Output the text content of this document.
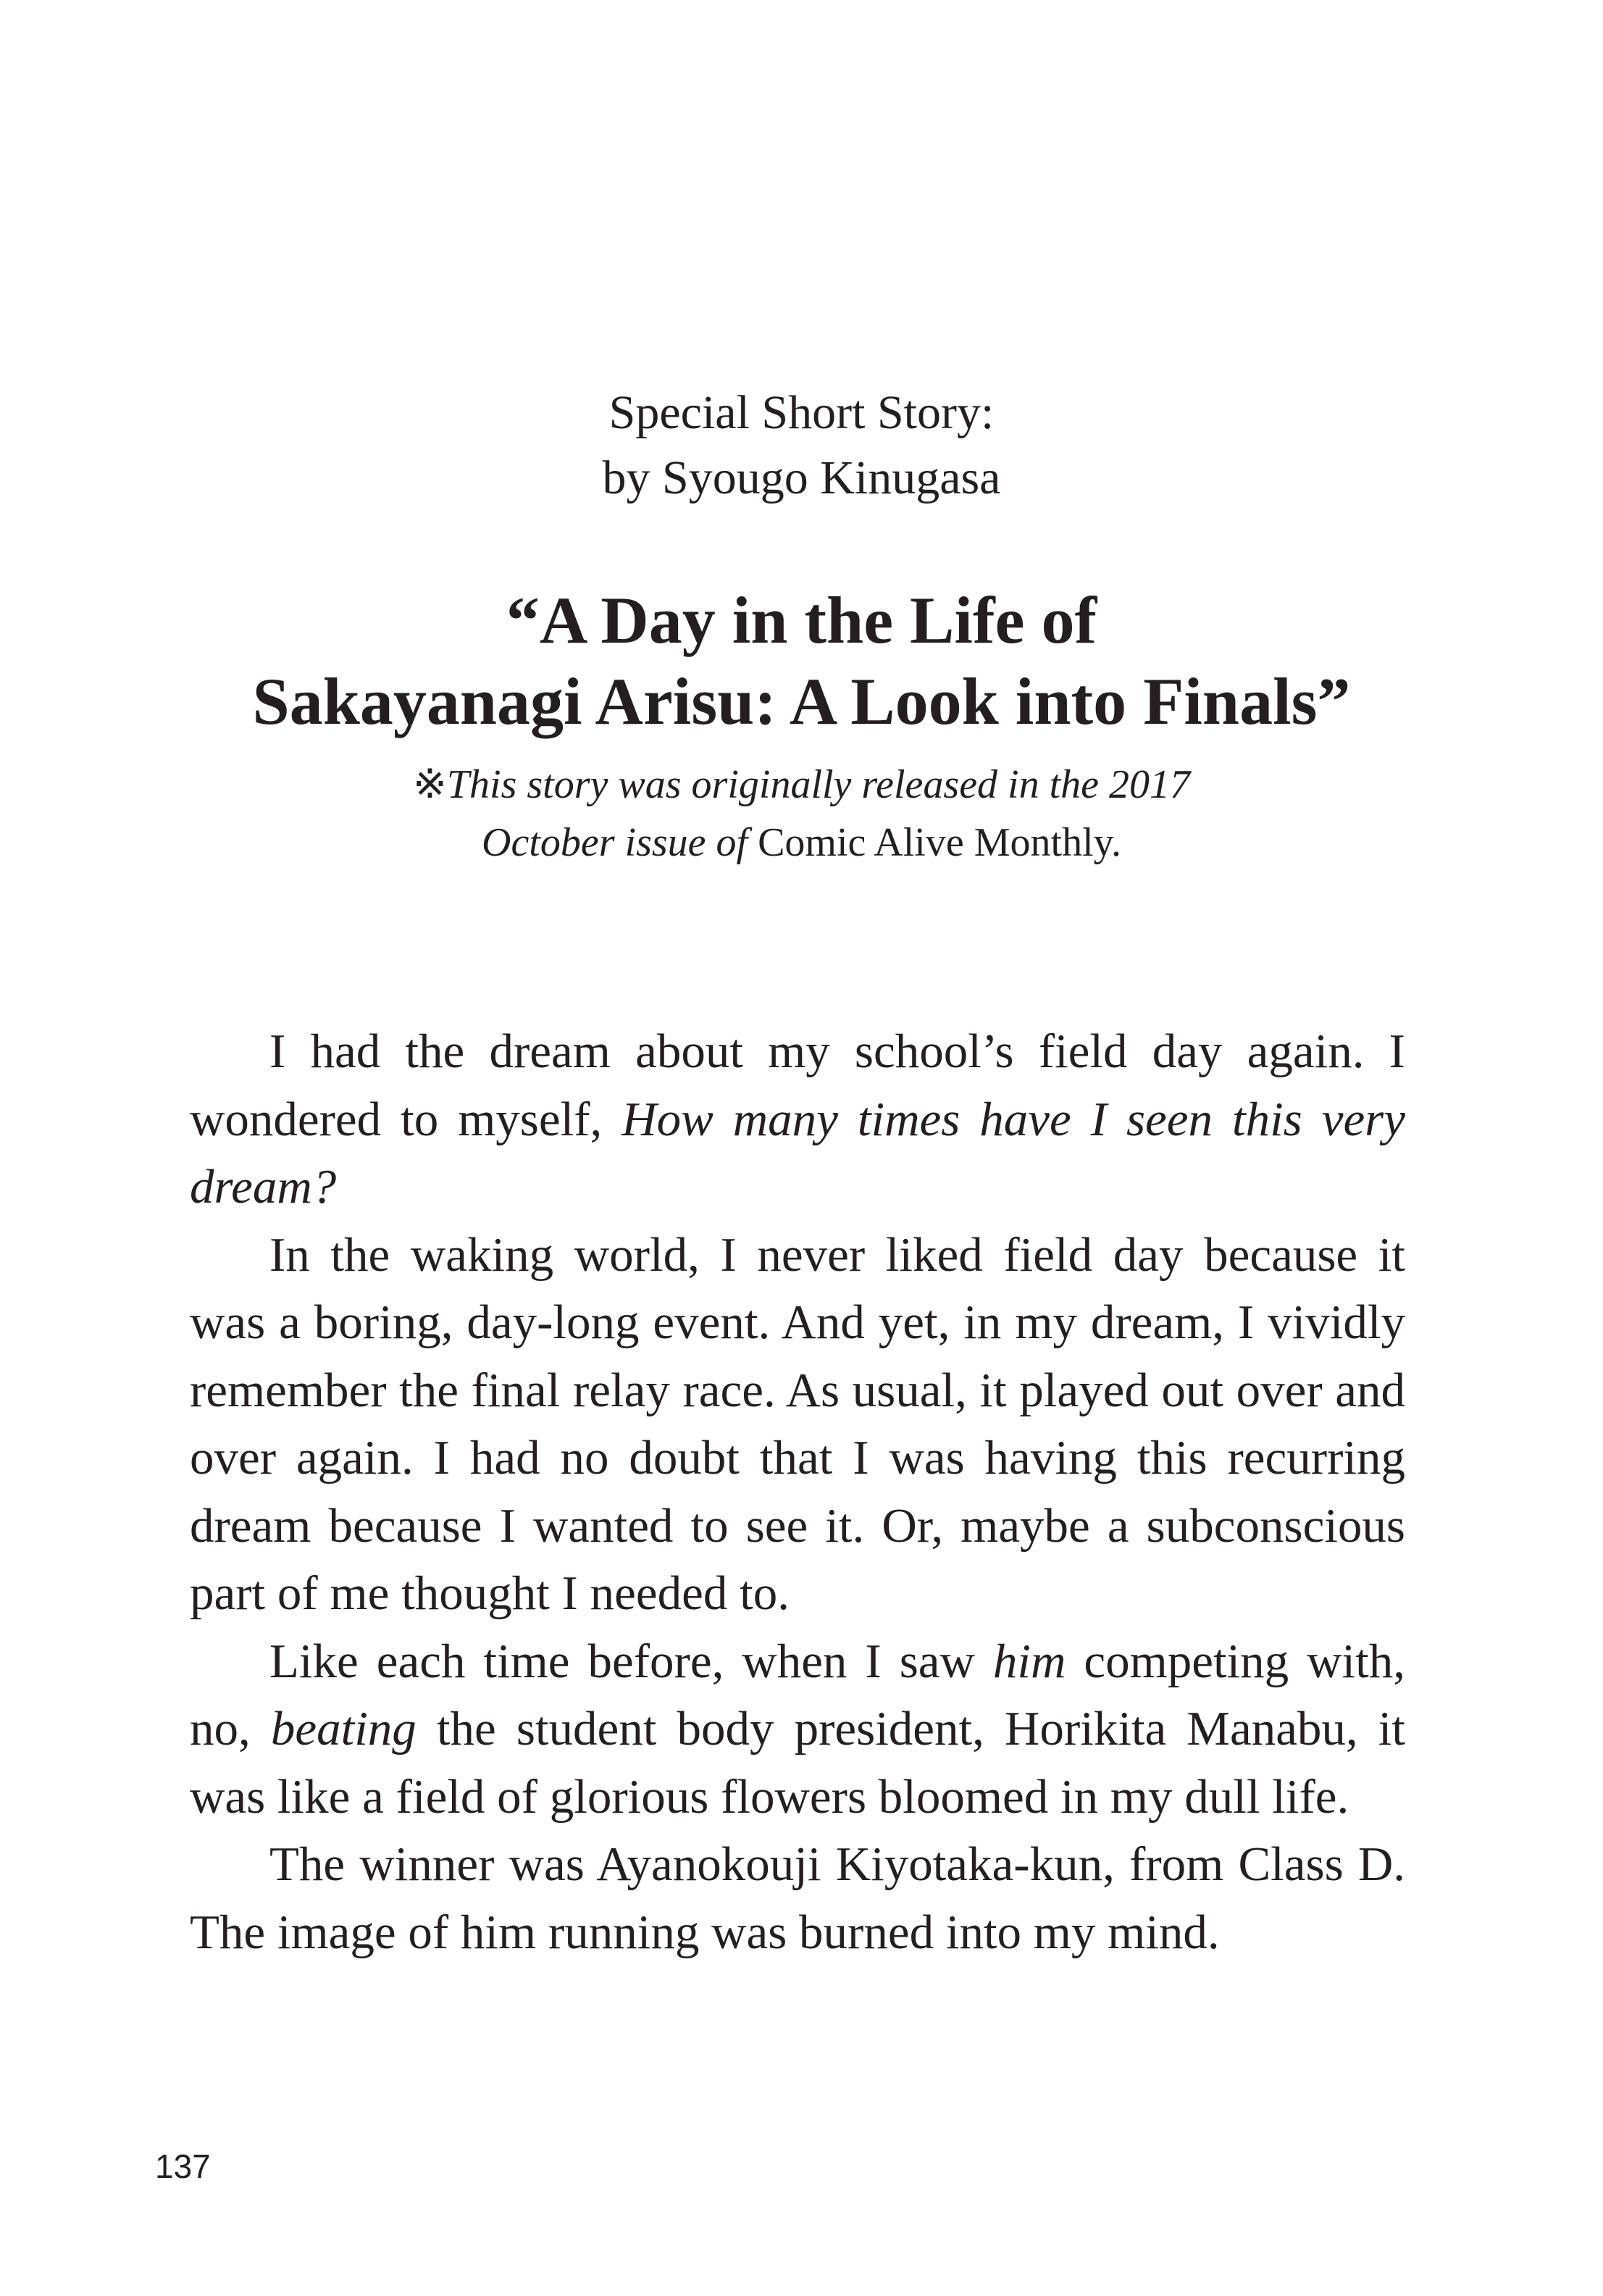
Special Short Story:
by Syougo Kinugasa
“A Day in the Life of
Sakayanagi Arisu: A Look into Finals”
※This story was originally released in the 2017
October issue of Comic Alive Monthly.

I had the dream about my school’s field day again. I wondered to myself, How many times have I seen this very dream?

In the waking world, I never liked field day because it was a boring, day-long event. And yet, in my dream, I vividly remember the final relay race. As usual, it played out over and over again. I had no doubt that I was having this recurring dream because I wanted to see it. Or, maybe a subconscious part of me thought I needed to.

Like each time before, when I saw him competing with, no, beating the student body president, Horikita Manabu, it was like a field of glorious flowers bloomed in my dull life.

The winner was Ayanokouji Kiyotaka-kun, from Class D. The image of him running was burned into my mind.

137
